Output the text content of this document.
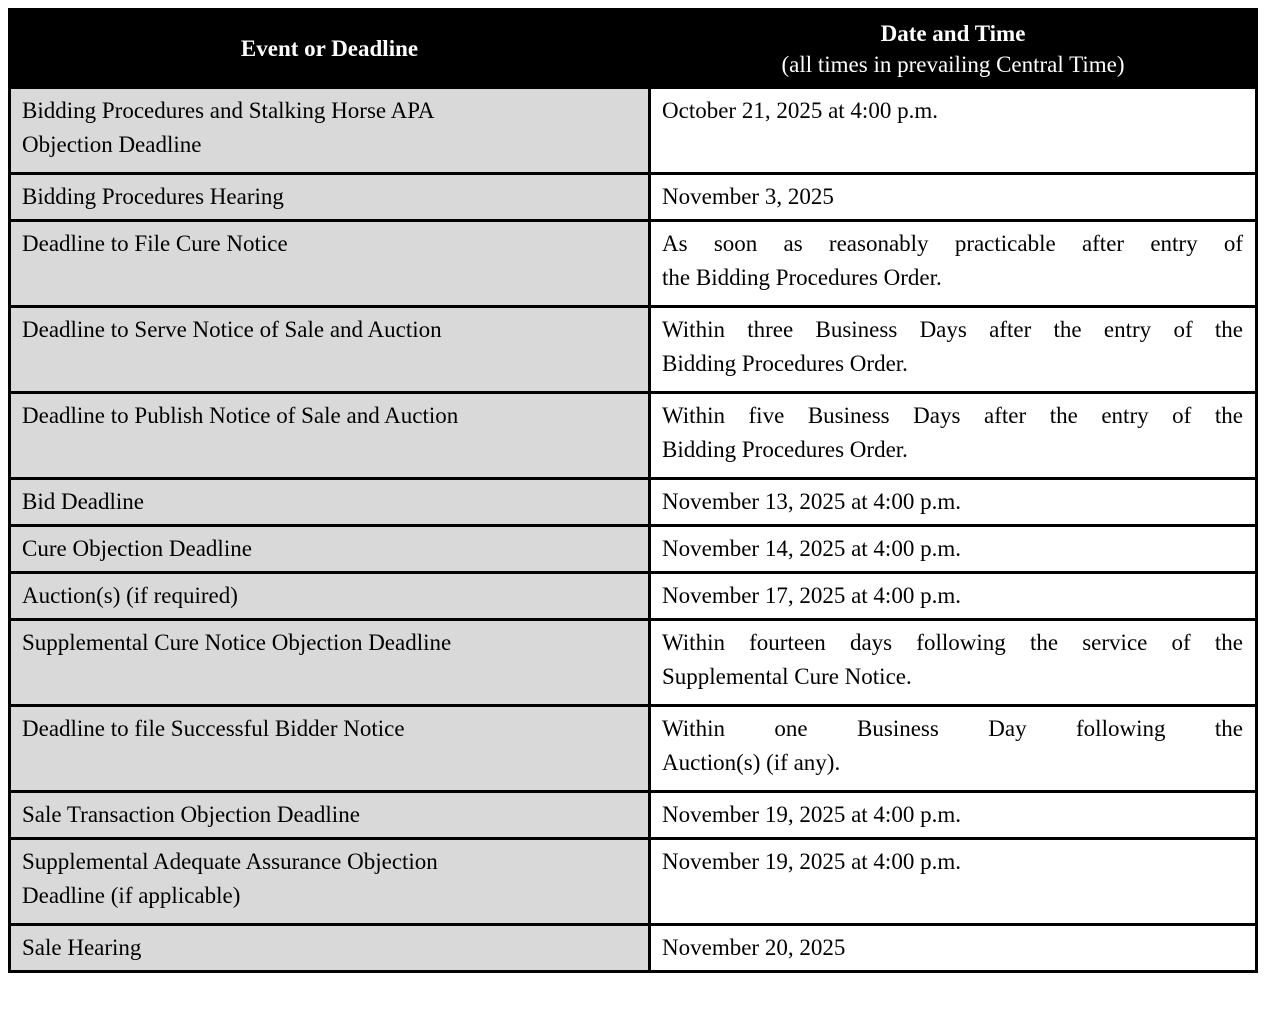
Event or Deadline	Date and Time
(all times in prevailing Central Time)

Bidding Procedures and Stalking Horse APA
Objection Deadline	October 21, 2025 at 4:00 p.m.

Bidding Procedures Hearing	November 3, 2025

Deadline to File Cure Notice	As soon as reasonably practicable after entry of
the Bidding Procedures Order.

Deadline to Serve Notice of Sale and Auction	Within three Business Days after the entry of the
Bidding Procedures Order.

Deadline to Publish Notice of Sale and Auction	Within five Business Days after the entry of the
Bidding Procedures Order.

Bid Deadline	November 13, 2025 at 4:00 p.m.

Cure Objection Deadline	November 14, 2025 at 4:00 p.m.

Auction(s) (if required)	November 17, 2025 at 4:00 p.m.

Supplemental Cure Notice Objection Deadline	Within fourteen days following the service of the
Supplemental Cure Notice.

Deadline to file Successful Bidder Notice	Within one Business Day following the
Auction(s) (if any).

Sale Transaction Objection Deadline	November 19, 2025 at 4:00 p.m.

Supplemental Adequate Assurance Objection
Deadline (if applicable)	November 19, 2025 at 4:00 p.m.

Sale Hearing	November 20, 2025
